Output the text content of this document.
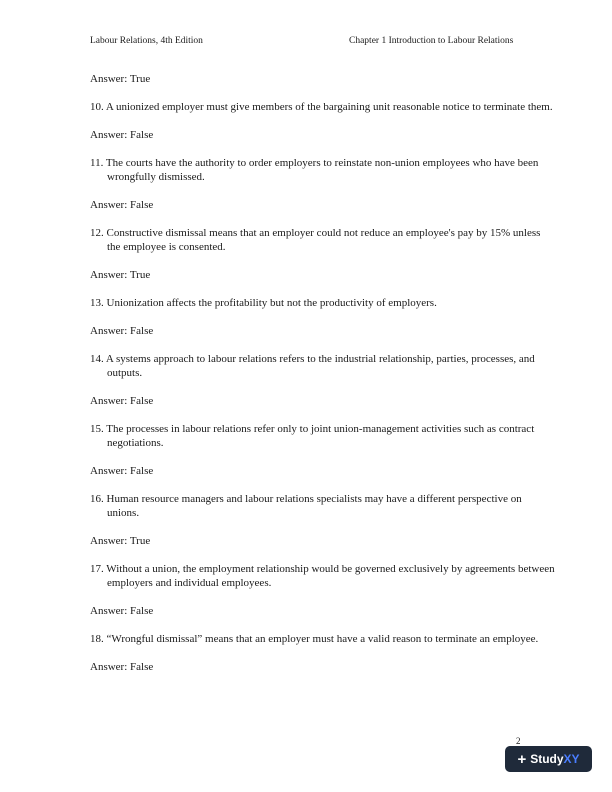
Labour Relations, 4th Edition	Chapter 1 Introduction to Labour Relations

Answer: True

10. A unionized employer must give members of the bargaining unit reasonable notice to terminate them.

Answer: False

11. The courts have the authority to order employers to reinstate non-union employees who have been wrongfully dismissed.

Answer: False

12. Constructive dismissal means that an employer could not reduce an employee's pay by 15% unless the employee is consented.

Answer: True

13. Unionization affects the profitability but not the productivity of employers.

Answer: False

14. A systems approach to labour relations refers to the industrial relationship, parties, processes, and outputs.

Answer: False

15. The processes in labour relations refer only to joint union-management activities such as contract negotiations.

Answer: False

16. Human resource managers and labour relations specialists may have a different perspective on unions.

Answer: True

17. Without a union, the employment relationship would be governed exclusively by agreements between employers and individual employees.

Answer: False

18. “Wrongful dismissal” means that an employer must have a valid reason to terminate an employee.

Answer: False

2
+ Study XY
